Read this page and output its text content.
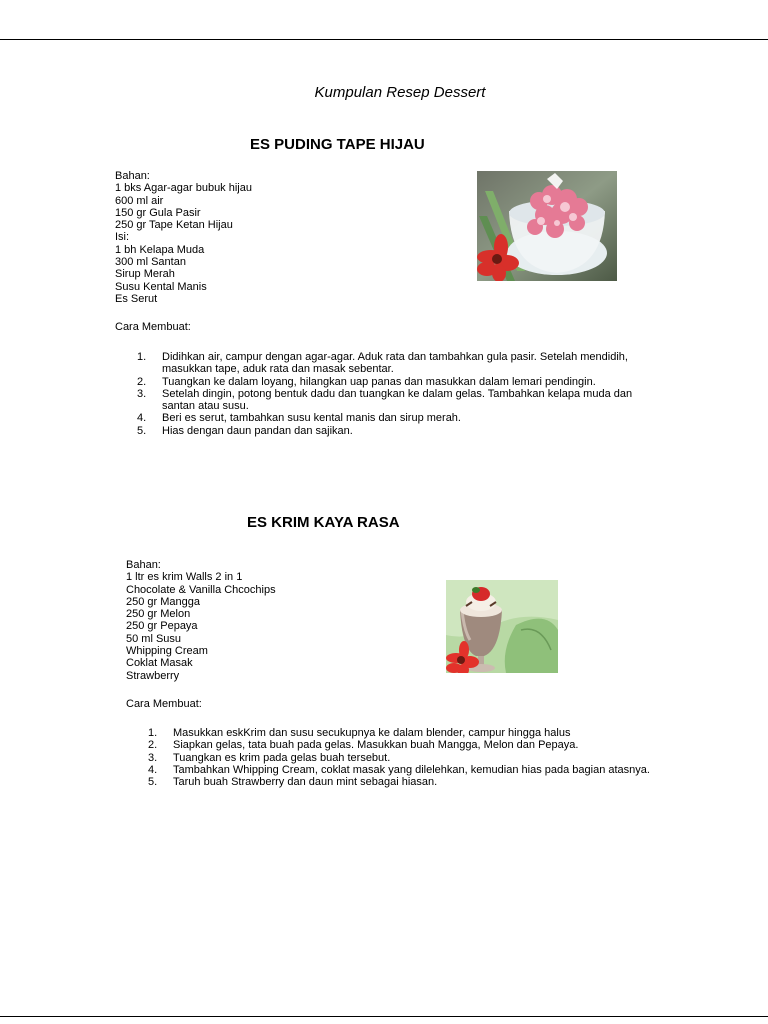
Kumpulan Resep Dessert
ES PUDING TAPE HIJAU
Bahan:
1 bks Agar-agar bubuk hijau
600 ml air
150 gr Gula Pasir
250 gr Tape Ketan Hijau
Isi:
1 bh Kelapa Muda
300 ml Santan
Sirup Merah
Susu Kental Manis
Es Serut
Cara Membuat:
1. Didihkan air, campur dengan agar-agar. Aduk rata dan tambahkan gula pasir. Setelah mendidih, masukkan tape, aduk rata dan masak sebentar.
2. Tuangkan ke dalam loyang, hilangkan uap panas dan masukkan dalam lemari pendingin.
3. Setelah dingin, potong bentuk dadu dan tuangkan ke dalam gelas. Tambahkan kelapa muda dan santan atau susu.
4. Beri es serut, tambahkan susu kental manis dan sirup merah.
5. Hias dengan daun pandan dan sajikan.
ES KRIM KAYA RASA
Bahan:
1 ltr es krim Walls 2 in 1
Chocolate & Vanilla Chcochips
250 gr Mangga
250 gr Melon
250 gr Pepaya
50 ml Susu
Whipping Cream
Coklat Masak
Strawberry
Cara Membuat:
1. Masukkan eskKrim dan susu secukupnya ke dalam blender, campur hingga halus
2. Siapkan gelas, tata buah pada gelas. Masukkan buah Mangga, Melon dan Pepaya.
3. Tuangkan es krim pada gelas buah tersebut.
4. Tambahkan Whipping Cream, coklat masak yang dilelehkan, kemudian hias pada bagian atasnya.
5. Taruh buah Strawberry dan daun mint sebagai hiasan.
